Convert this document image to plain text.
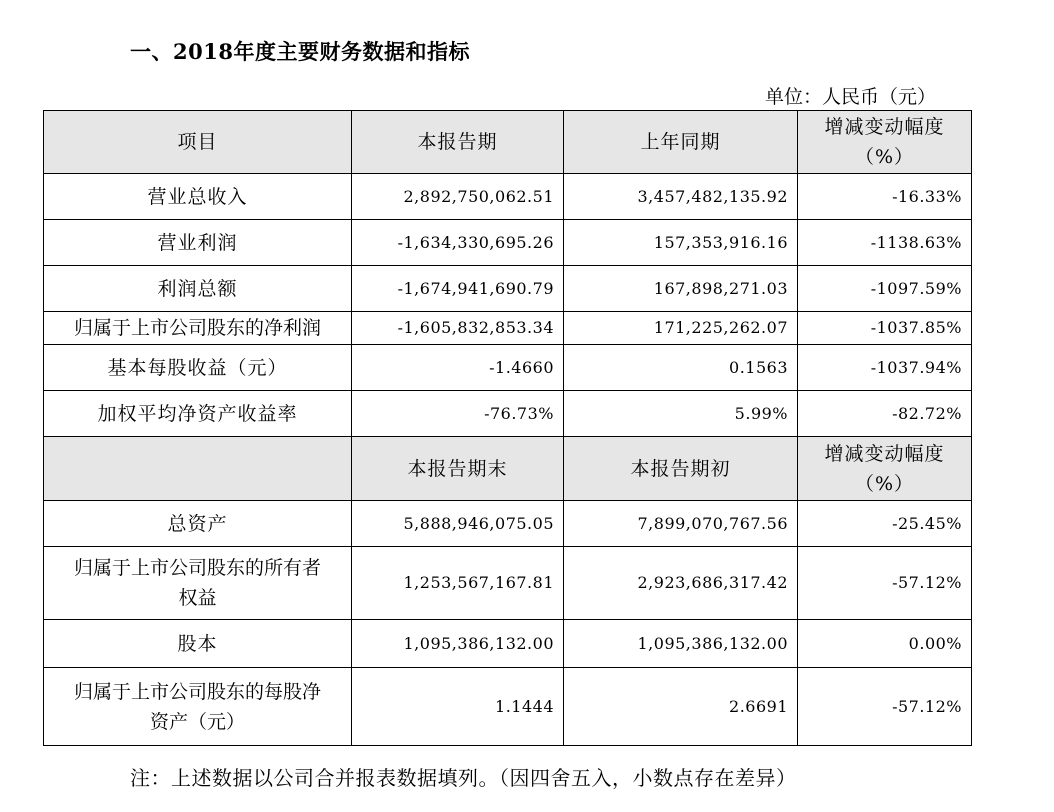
一、2018年度主要财务数据和指标
单位：人民币（元）
项目	本报告期	上年同期	增减变动幅度
（%）

营业总收入	2,892,750,062.51	3,457,482,135.92	-16.33%
营业利润	-1,634,330,695.26	157,353,916.16	-1138.63%
利润总额	-1,674,941,690.79	167,898,271.03	-1097.59%
归属于上市公司股东的净利润	-1,605,832,853.34	171,225,262.07	-1037.85%
基本每股收益（元）	-1.4660	0.1563	-1037.94%
加权平均净资产收益率	-76.73%	5.99%	-82.72%
	本报告期末	本报告期初	增减变动幅度
（%）

总资产	5,888,946,075.05	7,899,070,767.56	-25.45%

归属于上市公司股东的所有者
权益	1,253,567,167.81	2,923,686,317.42	-57.12%

股本	1,095,386,132.00	1,095,386,132.00	0.00%

归属于上市公司股东的每股净
资产（元）	1.1444	2.6691	-57.12%
注：上述数据以公司合并报表数据填列。（因四舍五入，小数点存在差异）
